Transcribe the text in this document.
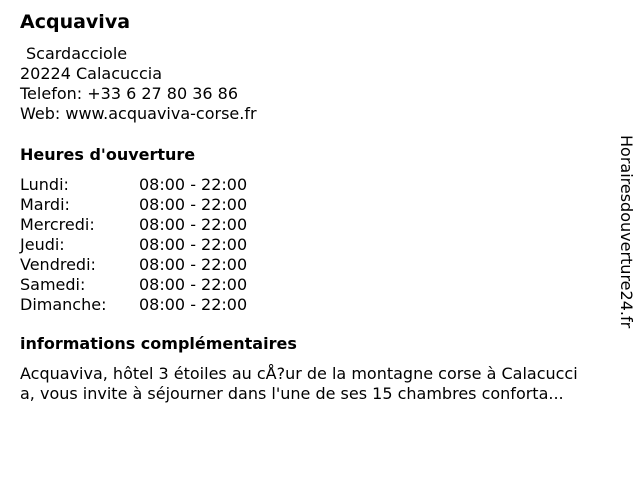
Acquaviva
Scardacciole
20224 Calacuccia
Telefon: +33 6 27 80 36 86
Web: www.acquaviva-corse.fr
Heures d'ouverture
Lundi:	08:00 - 22:00
Mardi:	08:00 - 22:00
Mercredi:	08:00 - 22:00
Jeudi:	08:00 - 22:00
Vendredi:	08:00 - 22:00
Samedi:	08:00 - 22:00
Dimanche: 08:00 - 22:00
informations complémentaires
Acquaviva, hôtel 3 étoiles au cÅ?ur de la montagne corse à Calacucci
a, vous invite à séjourner dans l'une de ses 15 chambres conforta...
Horairesdouverture24.fr
